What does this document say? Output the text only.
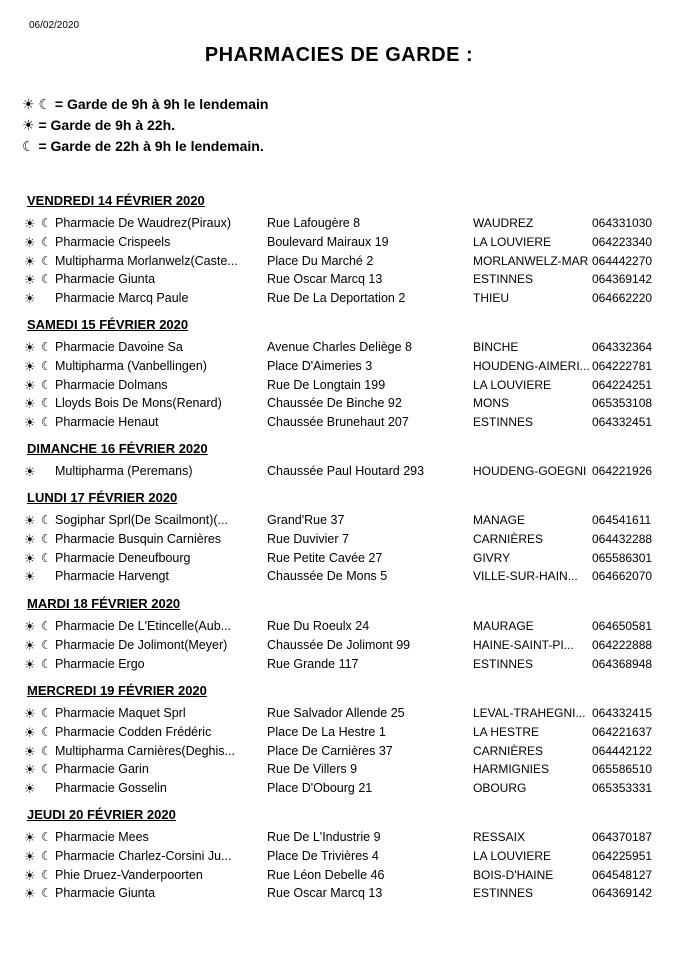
06/02/2020
PHARMACIES DE GARDE :
☀ ☾ = Garde de 9h à 9h le lendemain
☀ = Garde de 9h à 22h.
☾ = Garde de 22h à 9h le lendemain.
VENDREDI 14 FÉVRIER 2020
☀ ☾ Pharmacie De Waudrez(Piraux)	Rue Lafougère 8	WAUDREZ	064331030
☀ ☾ Pharmacie Crispeels	Boulevard Mairaux 19	LA LOUVIERE	064223340
☀ ☾ Multipharma Morlanwelz(Caste...	Place Du Marché 2	MORLANWELZ-MAR 064442270
☀ ☾ Pharmacie Giunta	Rue Oscar Marcq 13	ESTINNES	064369142
☀ Pharmacie Marcq Paule	Rue De La Deportation 2	THIEU	064662220
SAMEDI 15 FÉVRIER 2020
☀ ☾ Pharmacie Davoine Sa	Avenue Charles Deliège 8	BINCHE	064332364
☀ ☾ Multipharma (Vanbellingen)	Place D'Aimeries 3	HOUDENG-AIMERI... 064222781
☀ ☾ Pharmacie Dolmans	Rue De Longtain 199	LA LOUVIERE	064224251
☀ ☾ Lloyds Bois De Mons(Renard)	Chaussée De Binche 92	MONS	065353108
☀ ☾ Pharmacie Henaut	Chaussée Brunehaut 207	ESTINNES	064332451
DIMANCHE 16 FÉVRIER 2020
☀ Multipharma (Peremans)	Chaussée Paul Houtard 293	HOUDENG-GOEGNI 064221926
LUNDI 17 FÉVRIER 2020
☀ ☾ Sogiphar Sprl(De Scailmont)(...	Grand'Rue 37	MANAGE	064541611
☀ ☾ Pharmacie Busquin Carnières	Rue Duvivier 7	CARNIÈRES	064432288
☀ ☾ Pharmacie Deneufbourg	Rue Petite Cavée 27	GIVRY	065586301
☀ Pharmacie Harvengt	Chaussée De Mons 5	VILLE-SUR-HAIN...	064662070
MARDI 18 FÉVRIER 2020
☀ ☾ Pharmacie De L'Etincelle(Aub...	Rue Du Roeulx 24	MAURAGE	064650581
☀ ☾ Pharmacie De Jolimont(Meyer)	Chaussée De Jolimont 99	HAINE-SAINT-PI...	064222888
☀ ☾ Pharmacie Ergo	Rue Grande 117	ESTINNES	064368948
MERCREDI 19 FÉVRIER 2020
☀ ☾ Pharmacie Maquet Sprl	Rue Salvador Allende 25	LEVAL-TRAHEGNI... 064332415
☀ ☾ Pharmacie Codden Frédéric	Place De La Hestre 1	LA HESTRE	064221637
☀ ☾ Multipharma Carnières(Deghis...	Place De Carnières 37	CARNIÈRES	064442122
☀ ☾ Pharmacie Garin	Rue De Villers 9	HARMIGNIES	065586510
☀ Pharmacie Gosselin	Place D'Obourg 21	OBOURG	065353331
JEUDI 20 FÉVRIER 2020
☀ ☾ Pharmacie Mees	Rue De L'Industrie 9	RESSAIX	064370187
☀ ☾ Pharmacie Charlez-Corsini Ju...	Place De Trivières 4	LA LOUVIERE	064225951
☀ ☾ Phie Druez-Vanderpoorten	Rue Léon Debelle 46	BOIS-D'HAINE	064548127
☀ ☾ Pharmacie Giunta	Rue Oscar Marcq 13	ESTINNES	064369142
